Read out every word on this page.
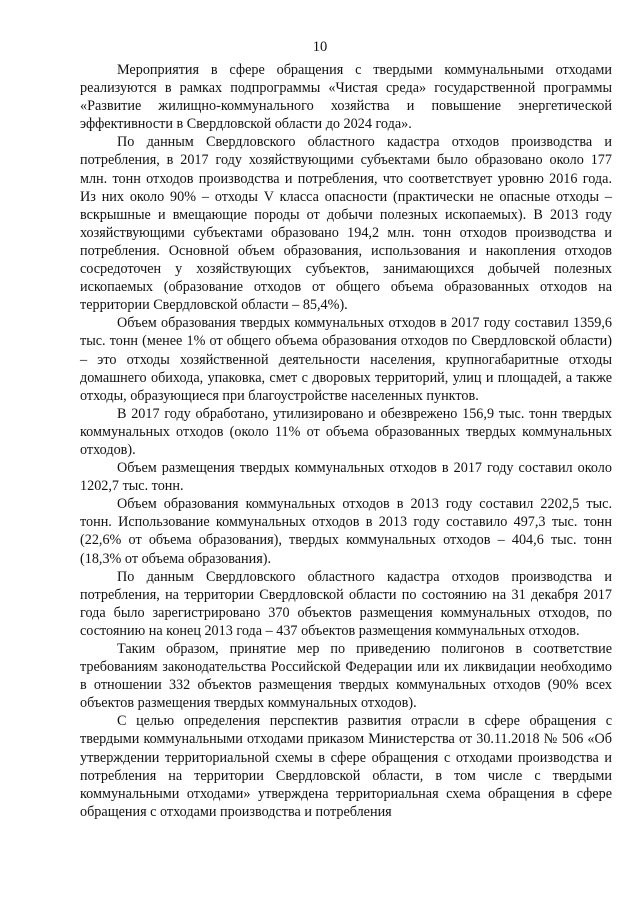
10

Мероприятия в сфере обращения с твердыми коммунальными отходами реализуются в рамках подпрограммы «Чистая среда» государственной программы «Развитие жилищно-коммунального хозяйства и повышение энергетической эффективности в Свердловской области до 2024 года».

По данным Свердловского областного кадастра отходов производства и потребления, в 2017 году хозяйствующими субъектами было образовано около 177 млн. тонн отходов производства и потребления, что соответствует уровню 2016 года. Из них около 90% – отходы V класса опасности (практически не опасные отходы – вскрышные и вмещающие породы от добычи полезных ископаемых). В 2013 году хозяйствующими субъектами образовано 194,2 млн. тонн отходов производства и потребления. Основной объем образования, использования и накопления отходов сосредоточен у хозяйствующих субъектов, занимающихся добычей полезных ископаемых (образование отходов от общего объема образованных отходов на территории Свердловской области – 85,4%).

Объем образования твердых коммунальных отходов в 2017 году составил 1359,6 тыс. тонн (менее 1% от общего объема образования отходов по Свердловской области) – это отходы хозяйственной деятельности населения, крупногабаритные отходы домашнего обихода, упаковка, смет с дворовых территорий, улиц и площадей, а также отходы, образующиеся при благоустройстве населенных пунктов.

В 2017 году обработано, утилизировано и обезврежено 156,9 тыс. тонн твердых коммунальных отходов (около 11% от объема образованных твердых коммунальных отходов).

Объем размещения твердых коммунальных отходов в 2017 году составил около 1202,7 тыс. тонн.

Объем образования коммунальных отходов в 2013 году составил 2202,5 тыс. тонн. Использование коммунальных отходов в 2013 году составило 497,3 тыс. тонн (22,6% от объема образования), твердых коммунальных отходов – 404,6 тыс. тонн (18,3% от объема образования).

По данным Свердловского областного кадастра отходов производства и потребления, на территории Свердловской области по состоянию на 31 декабря 2017 года было зарегистрировано 370 объектов размещения коммунальных отходов, по состоянию на конец 2013 года – 437 объектов размещения коммунальных отходов.

Таким образом, принятие мер по приведению полигонов в соответствие требованиям законодательства Российской Федерации или их ликвидации необходимо в отношении 332 объектов размещения твердых коммунальных отходов (90% всех объектов размещения твердых коммунальных отходов).

С целью определения перспектив развития отрасли в сфере обращения с твердыми коммунальными отходами приказом Министерства от 30.11.2018 № 506 «Об утверждении территориальной схемы в сфере обращения с отходами производства и потребления на территории Свердловской области, в том числе с твердыми коммунальными отходами» утверждена территориальная схема обращения в сфере обращения с отходами производства и потребления
